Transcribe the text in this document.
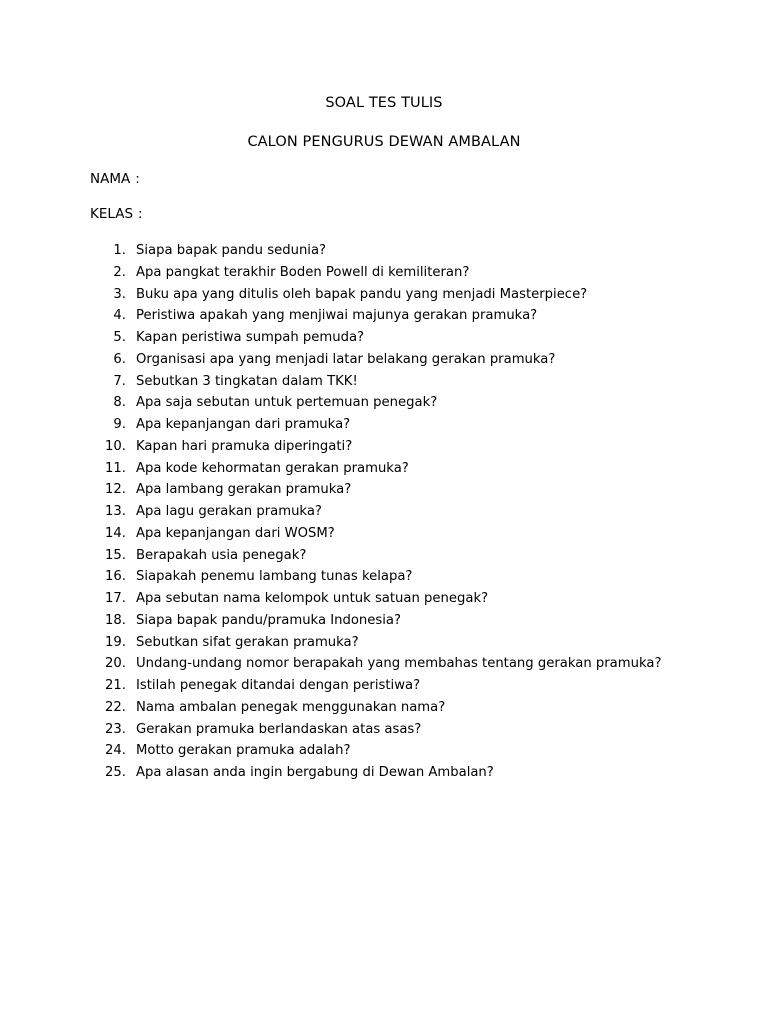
SOAL TES TULIS
CALON PENGURUS DEWAN AMBALAN
NAMA :
KELAS :
1. Siapa bapak pandu sedunia?
2. Apa pangkat terakhir Boden Powell di kemiliteran?
3. Buku apa yang ditulis oleh bapak pandu yang menjadi Masterpiece?
4. Peristiwa apakah yang menjiwai majunya gerakan pramuka?
5. Kapan peristiwa sumpah pemuda?
6. Organisasi apa yang menjadi latar belakang gerakan pramuka?
7. Sebutkan 3 tingkatan dalam TKK!
8. Apa saja sebutan untuk pertemuan penegak?
9. Apa kepanjangan dari pramuka?
10. Kapan hari pramuka diperingati?
11. Apa kode kehormatan gerakan pramuka?
12. Apa lambang gerakan pramuka?
13. Apa lagu gerakan pramuka?
14. Apa kepanjangan dari WOSM?
15. Berapakah usia penegak?
16. Siapakah penemu lambang tunas kelapa?
17. Apa sebutan nama kelompok untuk satuan penegak?
18. Siapa bapak pandu/pramuka Indonesia?
19. Sebutkan sifat gerakan pramuka?
20. Undang-undang nomor berapakah yang membahas tentang gerakan pramuka?
21. Istilah penegak ditandai dengan peristiwa?
22. Nama ambalan penegak menggunakan nama?
23. Gerakan pramuka berlandaskan atas asas?
24. Motto gerakan pramuka adalah?
25. Apa alasan anda ingin bergabung di Dewan Ambalan?
